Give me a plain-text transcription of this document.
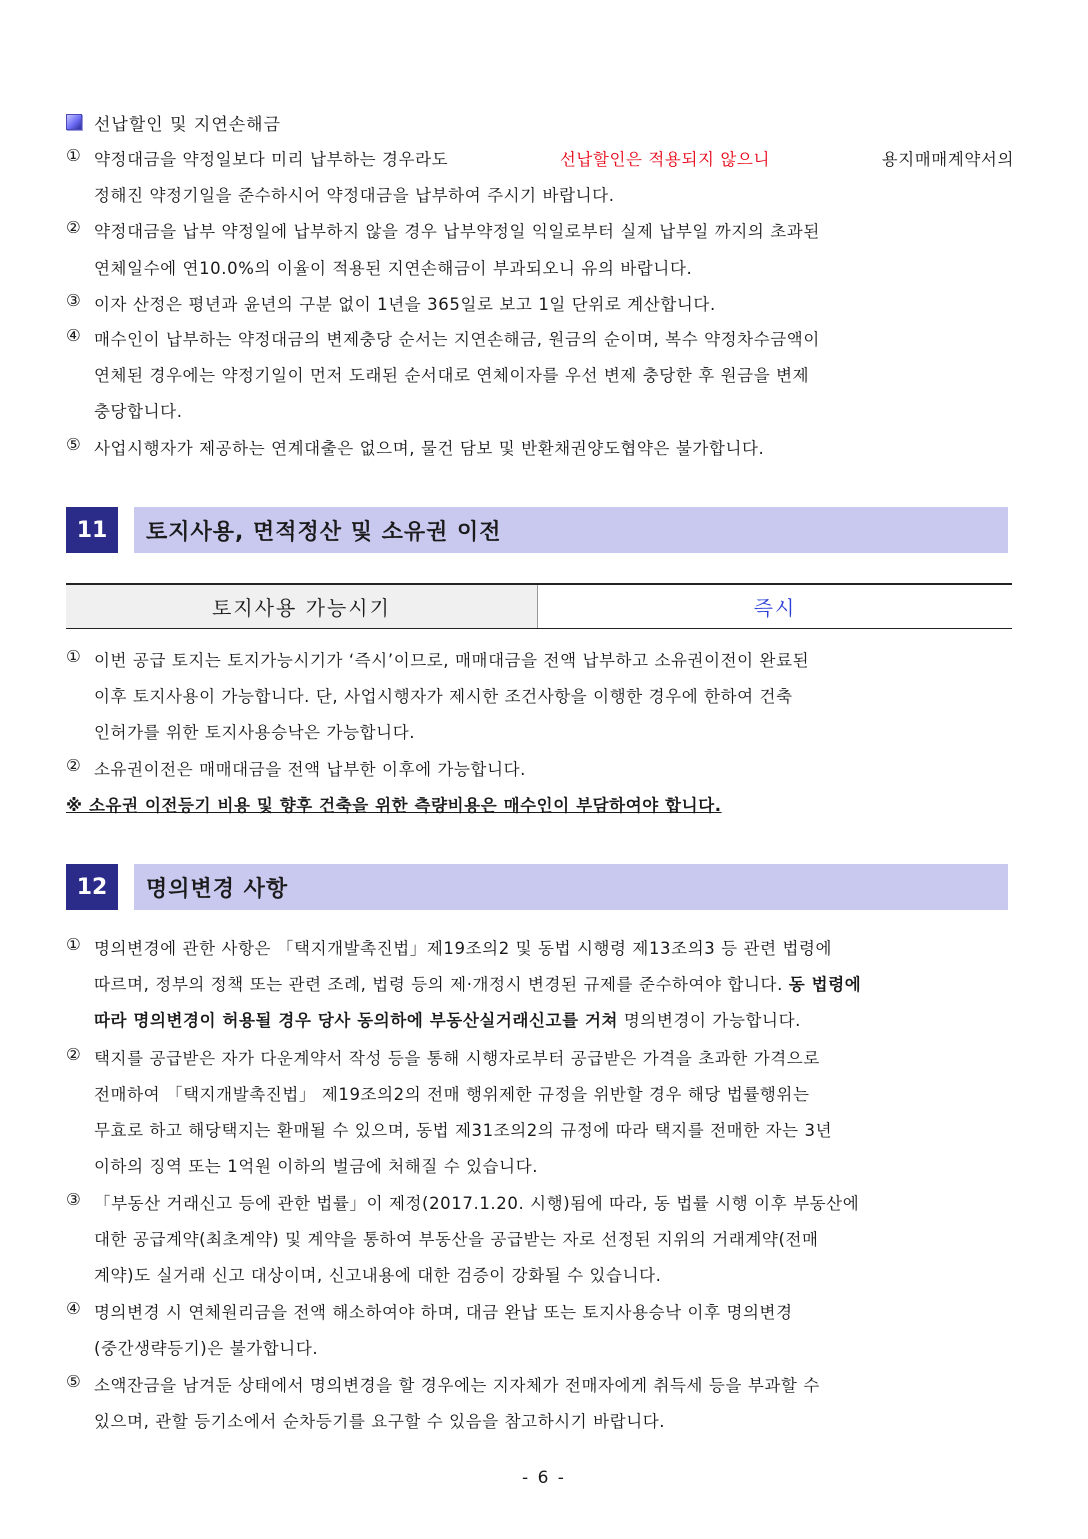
선납할인 및 지연손해금
① 약정대금을 약정일보다 미리 납부하는 경우라도	선납할인은 적용되지 않으니	용지매매계약서의
정해진 약정기일을 준수하시어 약정대금을 납부하여 주시기 바랍니다.
② 약정대금을 납부 약정일에 납부하지 않을 경우 납부약정일 익일로부터 실제 납부일 까지의 초과된
연체일수에 연10.0%의 이율이 적용된 지연손해금이 부과되오니 유의 바랍니다.
③ 이자 산정은 평년과 윤년의 구분 없이 1년을 365일로 보고 1일 단위로 계산합니다.
④ 매수인이 납부하는 약정대금의 변제충당 순서는 지연손해금, 원금의 순이며, 복수 약정차수금액이
연체된 경우에는 약정기일이 먼저 도래된 순서대로 연체이자를 우선 변제 충당한 후 원금을 변제
충당합니다.
⑤ 사업시행자가 제공하는 연계대출은 없으며, 물건 담보 및 반환채권양도협약은 불가합니다.
11	토지사용, 면적정산 및 소유권 이전
토지사용 가능시기	즉시
① 이번 공급 토지는 토지가능시기가 ‘즉시’이므로, 매매대금을 전액 납부하고 소유권이전이 완료된
이후 토지사용이 가능합니다. 단, 사업시행자가 제시한 조건사항을 이행한 경우에 한하여 건축
인허가를 위한 토지사용승낙은 가능합니다.
② 소유권이전은 매매대금을 전액 납부한 이후에 가능합니다.
※ 소유권 이전등기 비용 및 향후 건축을 위한 측량비용은 매수인이 부담하여야 합니다.
12	명의변경 사항
① 명의변경에 관한 사항은 「택지개발촉진법」제19조의2 및 동법 시행령 제13조의3 등 관련 법령에
따르며, 정부의 정책 또는 관련 조례, 법령 등의 제·개정시 변경된 규제를 준수하여야 합니다. 동 법령에
따라 명의변경이 허용될 경우 당사 동의하에 부동산실거래신고를 거쳐 명의변경이 가능합니다.
② 택지를 공급받은 자가 다운계약서 작성 등을 통해 시행자로부터 공급받은 가격을 초과한 가격으로
전매하여 「택지개발촉진법」 제19조의2의 전매 행위제한 규정을 위반할 경우 해당 법률행위는
무효로 하고 해당택지는 환매될 수 있으며, 동법 제31조의2의 규정에 따라 택지를 전매한 자는 3년
이하의 징역 또는 1억원 이하의 벌금에 처해질 수 있습니다.
③ 「부동산 거래신고 등에 관한 법률」이 제정(2017.1.20. 시행)됨에 따라, 동 법률 시행 이후 부동산에
대한 공급계약(최초계약) 및 계약을 통하여 부동산을 공급받는 자로 선정된 지위의 거래계약(전매
계약)도 실거래 신고 대상이며, 신고내용에 대한 검증이 강화될 수 있습니다.
④ 명의변경 시 연체원리금을 전액 해소하여야 하며, 대금 완납 또는 토지사용승낙 이후 명의변경
(중간생략등기)은 불가합니다.
⑤ 소액잔금을 남겨둔 상태에서 명의변경을 할 경우에는 지자체가 전매자에게 취득세 등을 부과할 수
있으며, 관할 등기소에서 순차등기를 요구할 수 있음을 참고하시기 바랍니다.
- 6 -
